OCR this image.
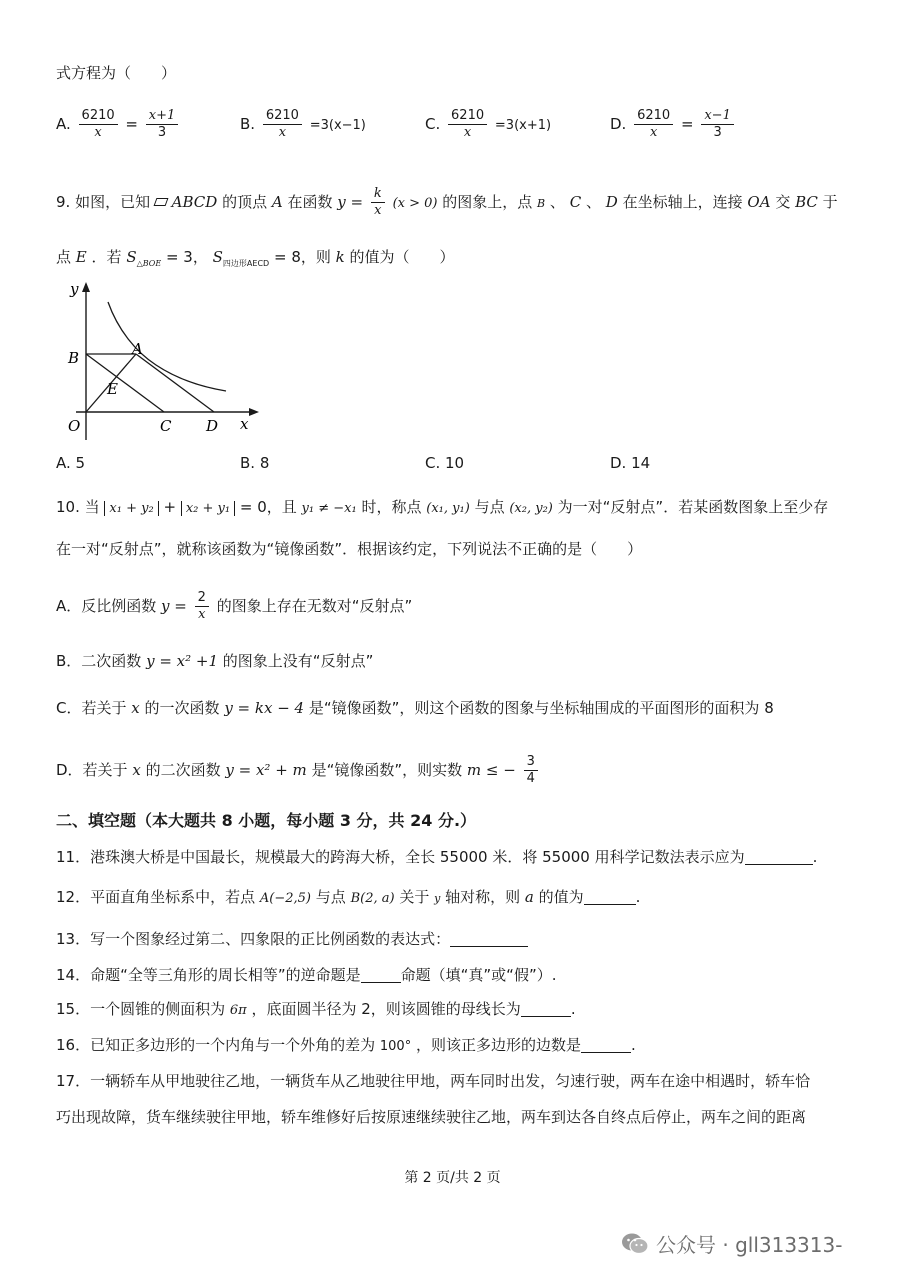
式方程为（　　）
A. $\frac{6210}{x} = \frac{x+1}{3}$	B. $\frac{6210}{x} =3(x-1)$	C. $\frac{6210}{x} =3(x+1)$	D. $\frac{6210}{x} = \frac{x-1}{3}$
9. 如图，已知 ABCD 的顶点 A 在函数 $y = \frac{k}{x} (x > 0)$ 的图象上，点 B 、 C 、 D 在坐标轴上，连接 OA 交 BC 于
点 E ．若 $S_{\triangle BOE} = 3$， $S_{四边形AECD} = 8$，则 k 的值为（　　）
y
x
O
B	A
E
C D
A. 5	B. 8	C. 10	D. 14
10. 当 x₁ + y₂ + x₂ + y₁ = 0，且 y₁ ≠ −x₁ 时，称点 (x₁, y₁) 与点 (x₂, y₂) 为一对“反射点”．若某函数图象上至少存
在一对“反射点”，就称该函数为“镜像函数”．根据该约定，下列说法不正确的是（　　）
A．反比例函数 $y = \frac{2}{x}$ 的图象上存在无数对“反射点”
B．二次函数 y = x² +1 的图象上没有“反射点”
C．若关于 x 的一次函数 y = kx − 4 是“镜像函数”，则这个函数的图象与坐标轴围成的平面图形的面积为 8
D．若关于 x 的二次函数 y = x² + m 是“镜像函数”，则实数 m ≤ − $\frac{3}{4}$
二、填空题（本大题共 8 小题，每小题 3 分，共 24 分.）
11．港珠澳大桥是中国最长，规模最大的跨海大桥，全长 55000 米．将 55000 用科学记数法表示应为	.
12．平面直角坐标系中，若点 A(−2,5) 与点 B(2, a) 关于 y 轴对称，则 a 的值为	.
13．写一个图象经过第二、四象限的正比例函数的表达式：
14．命题“全等三角形的周长相等”的逆命题是	命题（填“真”或“假”）.
15．一个圆锥的侧面积为 6π ，底面圆半径为 2，则该圆锥的母线长为	.
16．已知正多边形的一个内角与一个外角的差为 100° ，则该正多边形的边数是	.
17．一辆轿车从甲地驶往乙地，一辆货车从乙地驶往甲地，两车同时出发，匀速行驶，两车在途中相遇时，轿车恰
巧出现故障，货车继续驶往甲地，轿车维修好后按原速继续驶往乙地，两车到达各自终点后停止，两车之间的距离
第 2 页/共 2 页
公众号 · gll313313-
